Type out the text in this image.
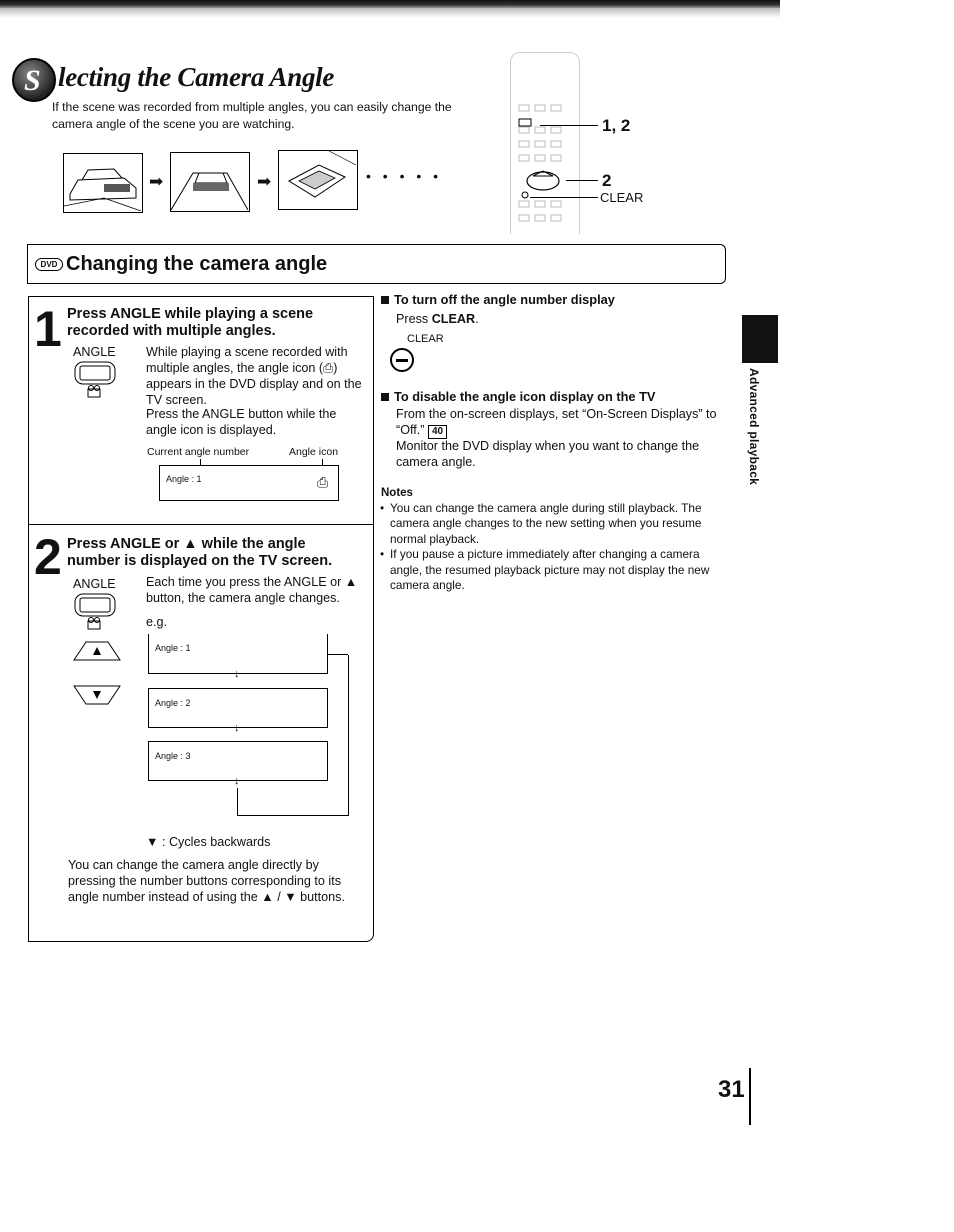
S lecting the Camera Angle
If the scene was recorded from multiple angles, you can easily change the camera angle of the scene you are watching.
➡	➡	• • • • •
1, 2
2
CLEAR
DVD Changing the camera angle
1 Press ANGLE while playing a scene recorded with multiple angles.
ANGLE While playing a scene recorded with multiple angles, the angle icon (⎙) appears in the DVD display and on the TV screen.
Press the ANGLE button while the angle icon is displayed.
Current angle number	Angle icon
Angle : 1	⎙
2 Press ANGLE or ▲ while the angle number is displayed on the TV screen.
ANGLE Each time you press the ANGLE or ▲ button, the camera angle changes.
e.g.
Angle : 1
↓
Angle : 2
↓
Angle : 3
↓
▼ : Cycles backwards
You can change the camera angle directly by pressing the number buttons corresponding to its angle number instead of using the ▲ / ▼ buttons.
To turn off the angle number display
Press CLEAR.
CLEAR
To disable the angle icon display on the TV
From the on-screen displays, set “On-Screen Displays” to “Off.” 40
Monitor the DVD display when you want to change the camera angle.
Notes
• You can change the camera angle during still playback. The camera angle changes to the new setting when you resume normal playback.
• If you pause a picture immediately after changing a camera angle, the resumed playback picture may not display the new camera angle.
Advanced playback
31
